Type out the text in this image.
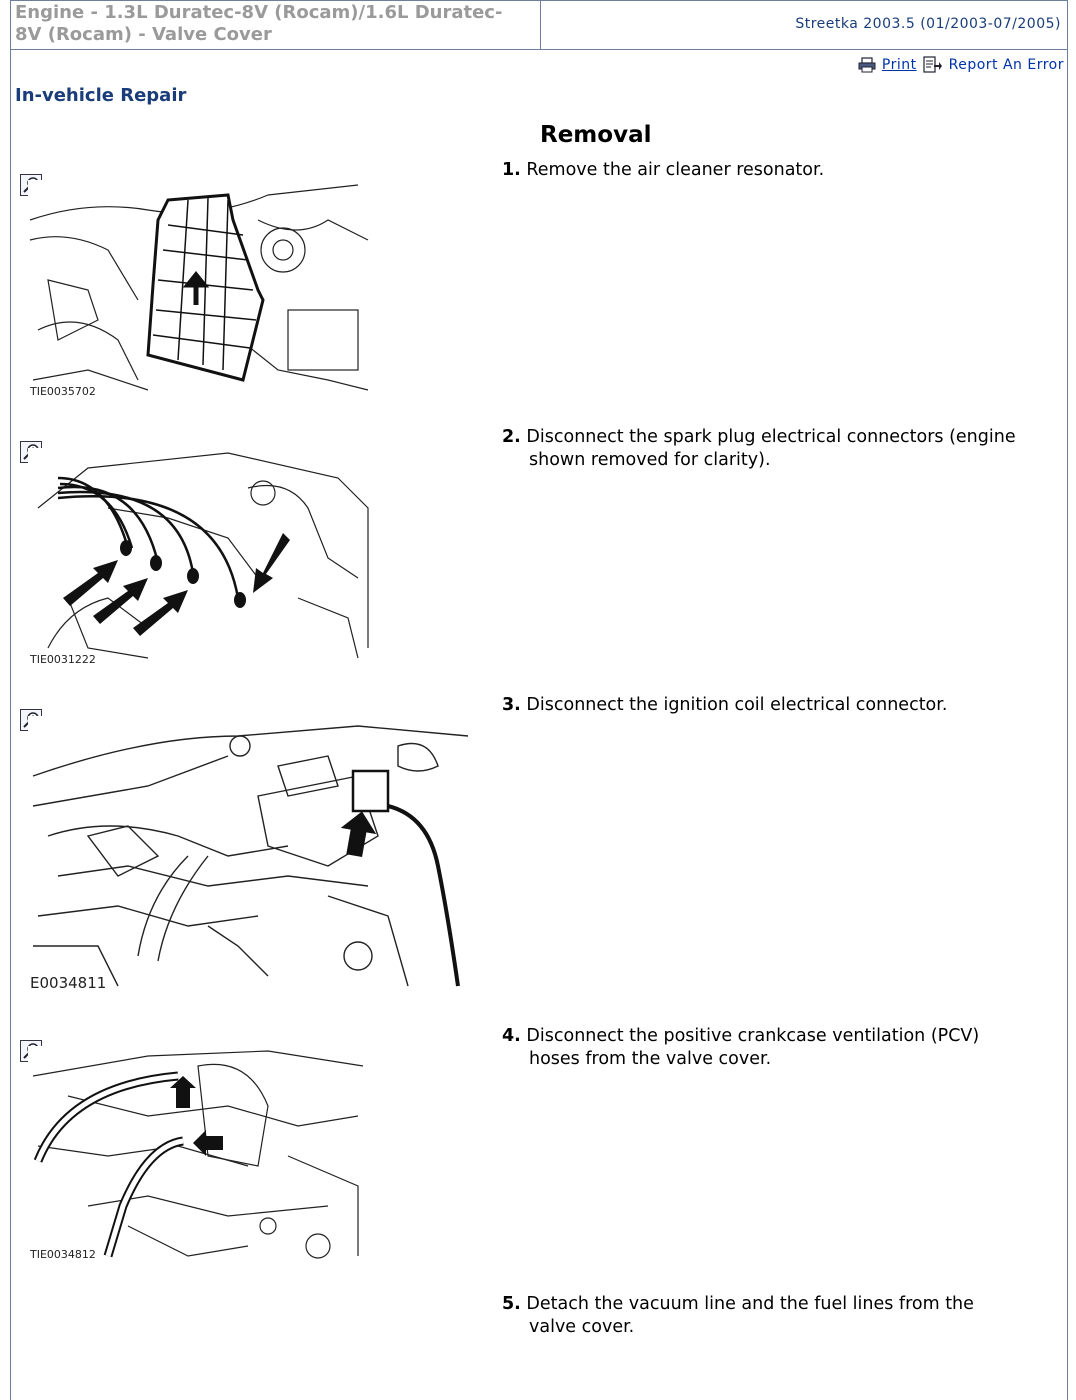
Engine - 1.3L Duratec-8V (Rocam)/1.6L Duratec-
8V (Rocam) - Valve Cover	Streetka 2003.5 (01/2003-07/2005)
Print Report An Error
In-vehicle Repair
Removal
1. Remove the air cleaner resonator.
TIE0035702
2. Disconnect the spark plug electrical connectors (engine
shown removed for clarity).
TIE0031222
3. Disconnect the ignition coil electrical connector.
E0034811
4. Disconnect the positive crankcase ventilation (PCV)
hoses from the valve cover.
TIE0034812
5. Detach the vacuum line and the fuel lines from the
valve cover.
